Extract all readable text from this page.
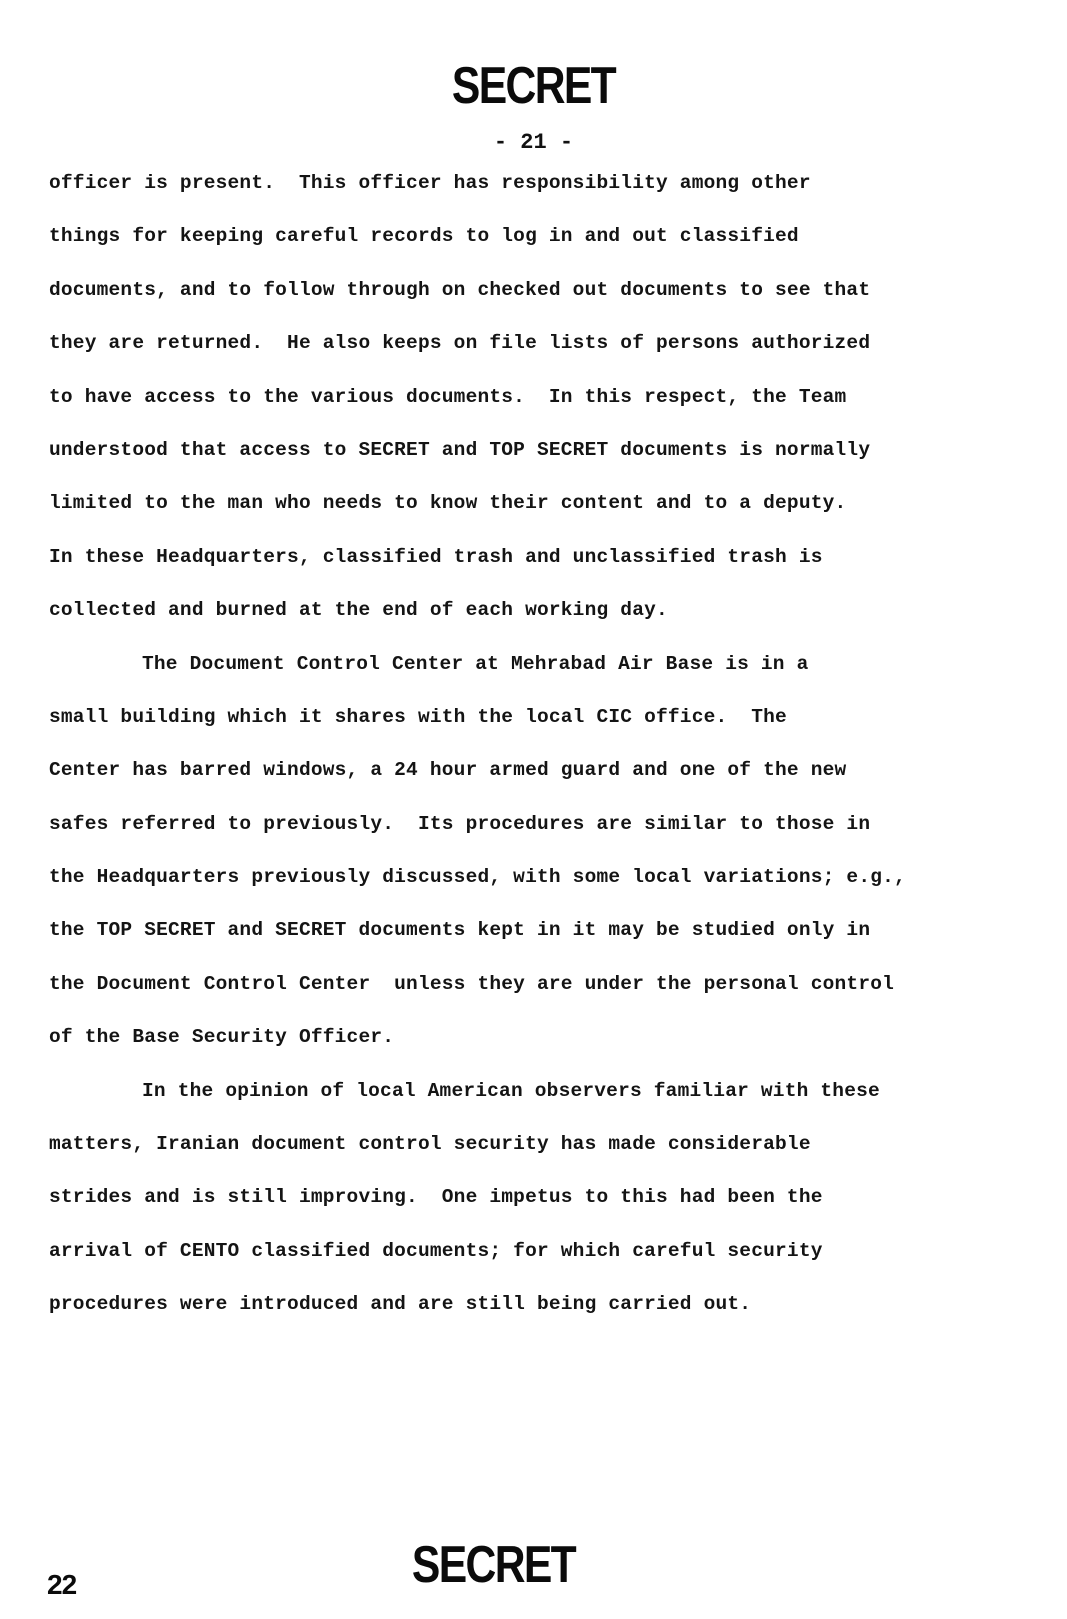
SECRET
- 21 -
officer is present.  This officer has responsibility among other
things for keeping careful records to log in and out classified
documents, and to follow through on checked out documents to see that
they are returned.  He also keeps on file lists of persons authorized
to have access to the various documents.  In this respect, the Team
understood that access to SECRET and TOP SECRET documents is normally
limited to the man who needs to know their content and to a deputy.
In these Headquarters, classified trash and unclassified trash is
collected and burned at the end of each working day.
The Document Control Center at Mehrabad Air Base is in a
small building which it shares with the local CIC office.  The
Center has barred windows, a 24 hour armed guard and one of the new
safes referred to previously.  Its procedures are similar to those in
the Headquarters previously discussed, with some local variations; e.g.,
the TOP SECRET and SECRET documents kept in it may be studied only in
the Document Control Center  unless they are under the personal control
of the Base Security Officer.
In the opinion of local American observers familiar with these
matters, Iranian document control security has made considerable
strides and is still improving.  One impetus to this had been the
arrival of CENTO classified documents; for which careful security
procedures were introduced and are still being carried out.
22	SECRET
